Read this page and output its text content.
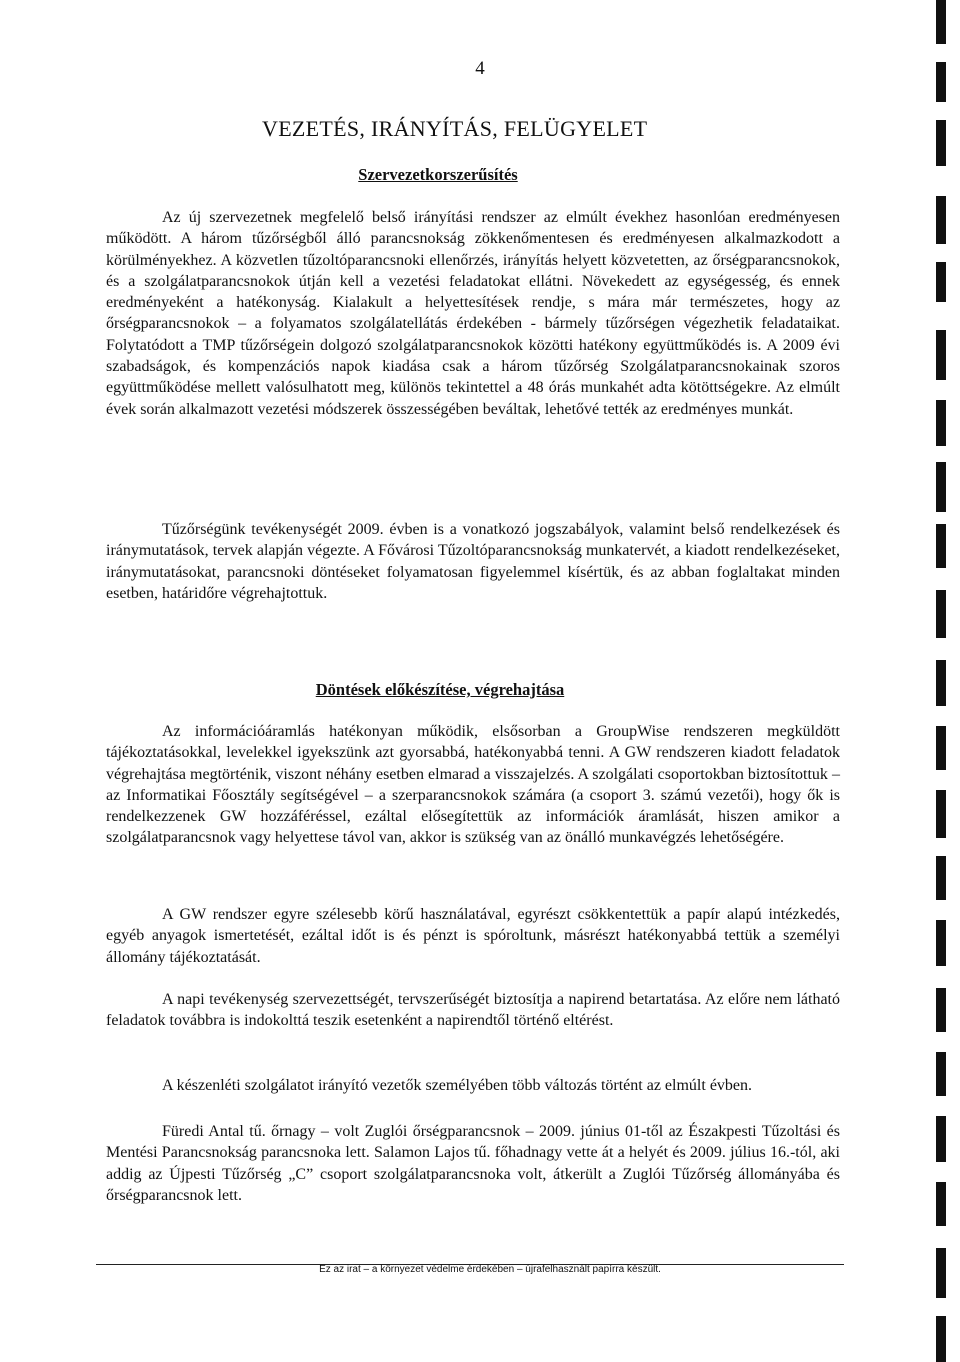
4
VEZETÉS, IRÁNYÍTÁS, FELÜGYELET
Szervezetkorszerűsítés

Az új szervezetnek megfelelő belső irányítási rendszer az elmúlt évekhez hasonlóan eredményesen működött. A három tűzőrségből álló parancsnokság zökkenőmentesen és eredményesen alkalmazkodott a körülményekhez. A közvetlen tűzoltóparancsnoki ellenőrzés, irányítás helyett közvetetten, az őrségparancsnokok, és a szolgálatparancsnokok útján kell a vezetési feladatokat ellátni. Növekedett az egységesség, és ennek eredményeként a hatékonyság. Kialakult a helyettesítések rendje, s mára már természetes, hogy az őrségparancsnokok – a folyamatos szolgálatellátás érdekében - bármely tűzőrségen végezhetik feladataikat. Folytatódott a TMP tűzőrségein dolgozó szolgálatparancsnokok közötti hatékony együttműködés is. A 2009 évi szabadságok, és kompenzációs napok kiadása csak a három tűzőrség Szolgálatparancsnokainak szoros együttműködése mellett valósulhatott meg, különös tekintettel a 48 órás munkahét adta kötöttségekre. Az elmúlt évek során alkalmazott vezetési módszerek összességében beváltak, lehetővé tették az eredményes munkát.

Tűzőrségünk tevékenységét 2009. évben is a vonatkozó jogszabályok, valamint belső rendelkezések és iránymutatások, tervek alapján végezte. A Fővárosi Tűzoltóparancsnokság munkatervét, a kiadott rendelkezéseket, iránymutatásokat, parancsnoki döntéseket folyamatosan figyelemmel kísértük, és az abban foglaltakat minden esetben, határidőre végrehajtottuk.

Döntések előkészítése, végrehajtása

Az információáramlás hatékonyan működik, elsősorban a GroupWise rendszeren megküldött tájékoztatásokkal, levelekkel igyekszünk azt gyorsabbá, hatékonyabbá tenni. A GW rendszeren kiadott feladatok végrehajtása megtörténik, viszont néhány esetben elmarad a visszajelzés. A szolgálati csoportokban biztosítottuk – az Informatikai Főosztály segítségével – a szerparancsnokok számára (a csoport 3. számú vezetői), hogy ők is rendelkezzenek GW hozzáféréssel, ezáltal elősegítettük az információk áramlását, hiszen amikor a szolgálatparancsnok vagy helyettese távol van, akkor is szükség van az önálló munkavégzés lehetőségére.

A GW rendszer egyre szélesebb körű használatával, egyrészt csökkentettük a papír alapú intézkedés, egyéb anyagok ismertetését, ezáltal időt is és pénzt is spóroltunk, másrészt hatékonyabbá tettük a személyi állomány tájékoztatását.

A napi tevékenység szervezettségét, tervszerűségét biztosítja a napirend betartatása. Az előre nem látható feladatok továbbra is indokolttá teszik esetenként a napirendtől történő eltérést.

A készenléti szolgálatot irányító vezetők személyében több változás történt az elmúlt évben.

Füredi Antal tű. őrnagy – volt Zuglói őrségparancsnok – 2009. június 01-től az Északpesti Tűzoltási és Mentési Parancsnokság parancsnoka lett. Salamon Lajos tű. főhadnagy vette át a helyét és 2009. július 16.-tól, aki addig az Újpesti Tűzőrség „C” csoport szolgálatparancsnoka volt, átkerült a Zuglói Tűzőrség állományába és őrségparancsnok lett.

Ez az irat – a környezet védelme érdekében – újrafelhasznált papírra készült.
